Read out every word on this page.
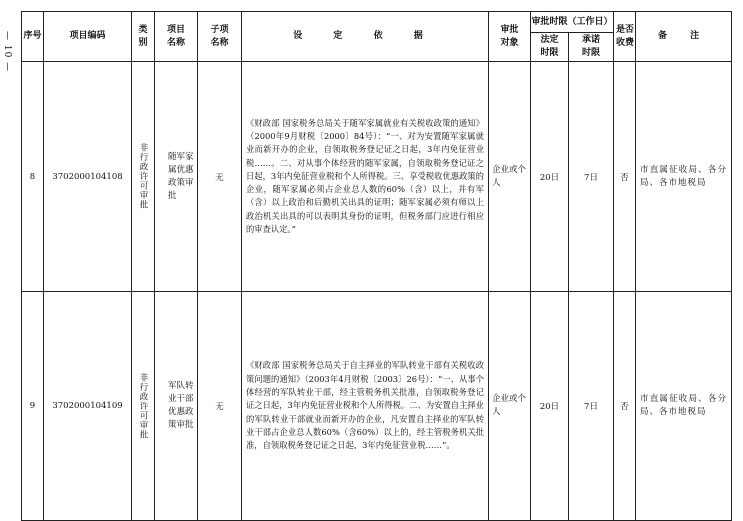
— 10 — 序号	项目编码	类别	项目名称	子项名称	设 定 依 据	审批对象	审批时限（工作日）		是否收费	备 注

							法定时限	承诺时限		

8	3702000104108	非行政许可审批	随军家属优惠政策审批	无	《财政部 国家税务总局关于随军家属就业有关税收政策的通知》（2000年9月财税〔2000〕84号）：“一、对为安置随军家属就业而新开办的企业，自领取税务登记证之日起，3年内免征营业税……。二、对从事个体经营的随军家属，自领取税务登记证之日起，3年内免征营业税和个人所得税。三、享受税收优惠政策的企业，随军家属必须占企业总人数的60%（含）以上，并有军（含）以上政治和后勤机关出具的证明；随军家属必须有师以上政治机关出具的可以表明其身份的证明，但税务部门应进行相应的审查认定。”	企业或个人	20日	7日	否	市直属征收局、各分局、各市地税局

9	3702000104109	非行政许可审批	军队转业干部优惠政策审批	无	《财政部 国家税务总局关于自主择业的军队转业干部有关税收政策问题的通知》（2003年4月财税〔2003〕26号）：“一、从事个体经营的军队转业干部，经主管税务机关批准，自领取税务登记证之日起，3年内免征营业税和个人所得税。二、为安置自主择业的军队转业干部就业而新开办的企业，凡安置自主择业的军队转业干部占企业总人数60%（含60%）以上的，经主管税务机关批准，自领取税务登记证之日起，3年内免征营业税……”。	企业或个人	20日	7日	否	市直属征收局、各分局、各市地税局
